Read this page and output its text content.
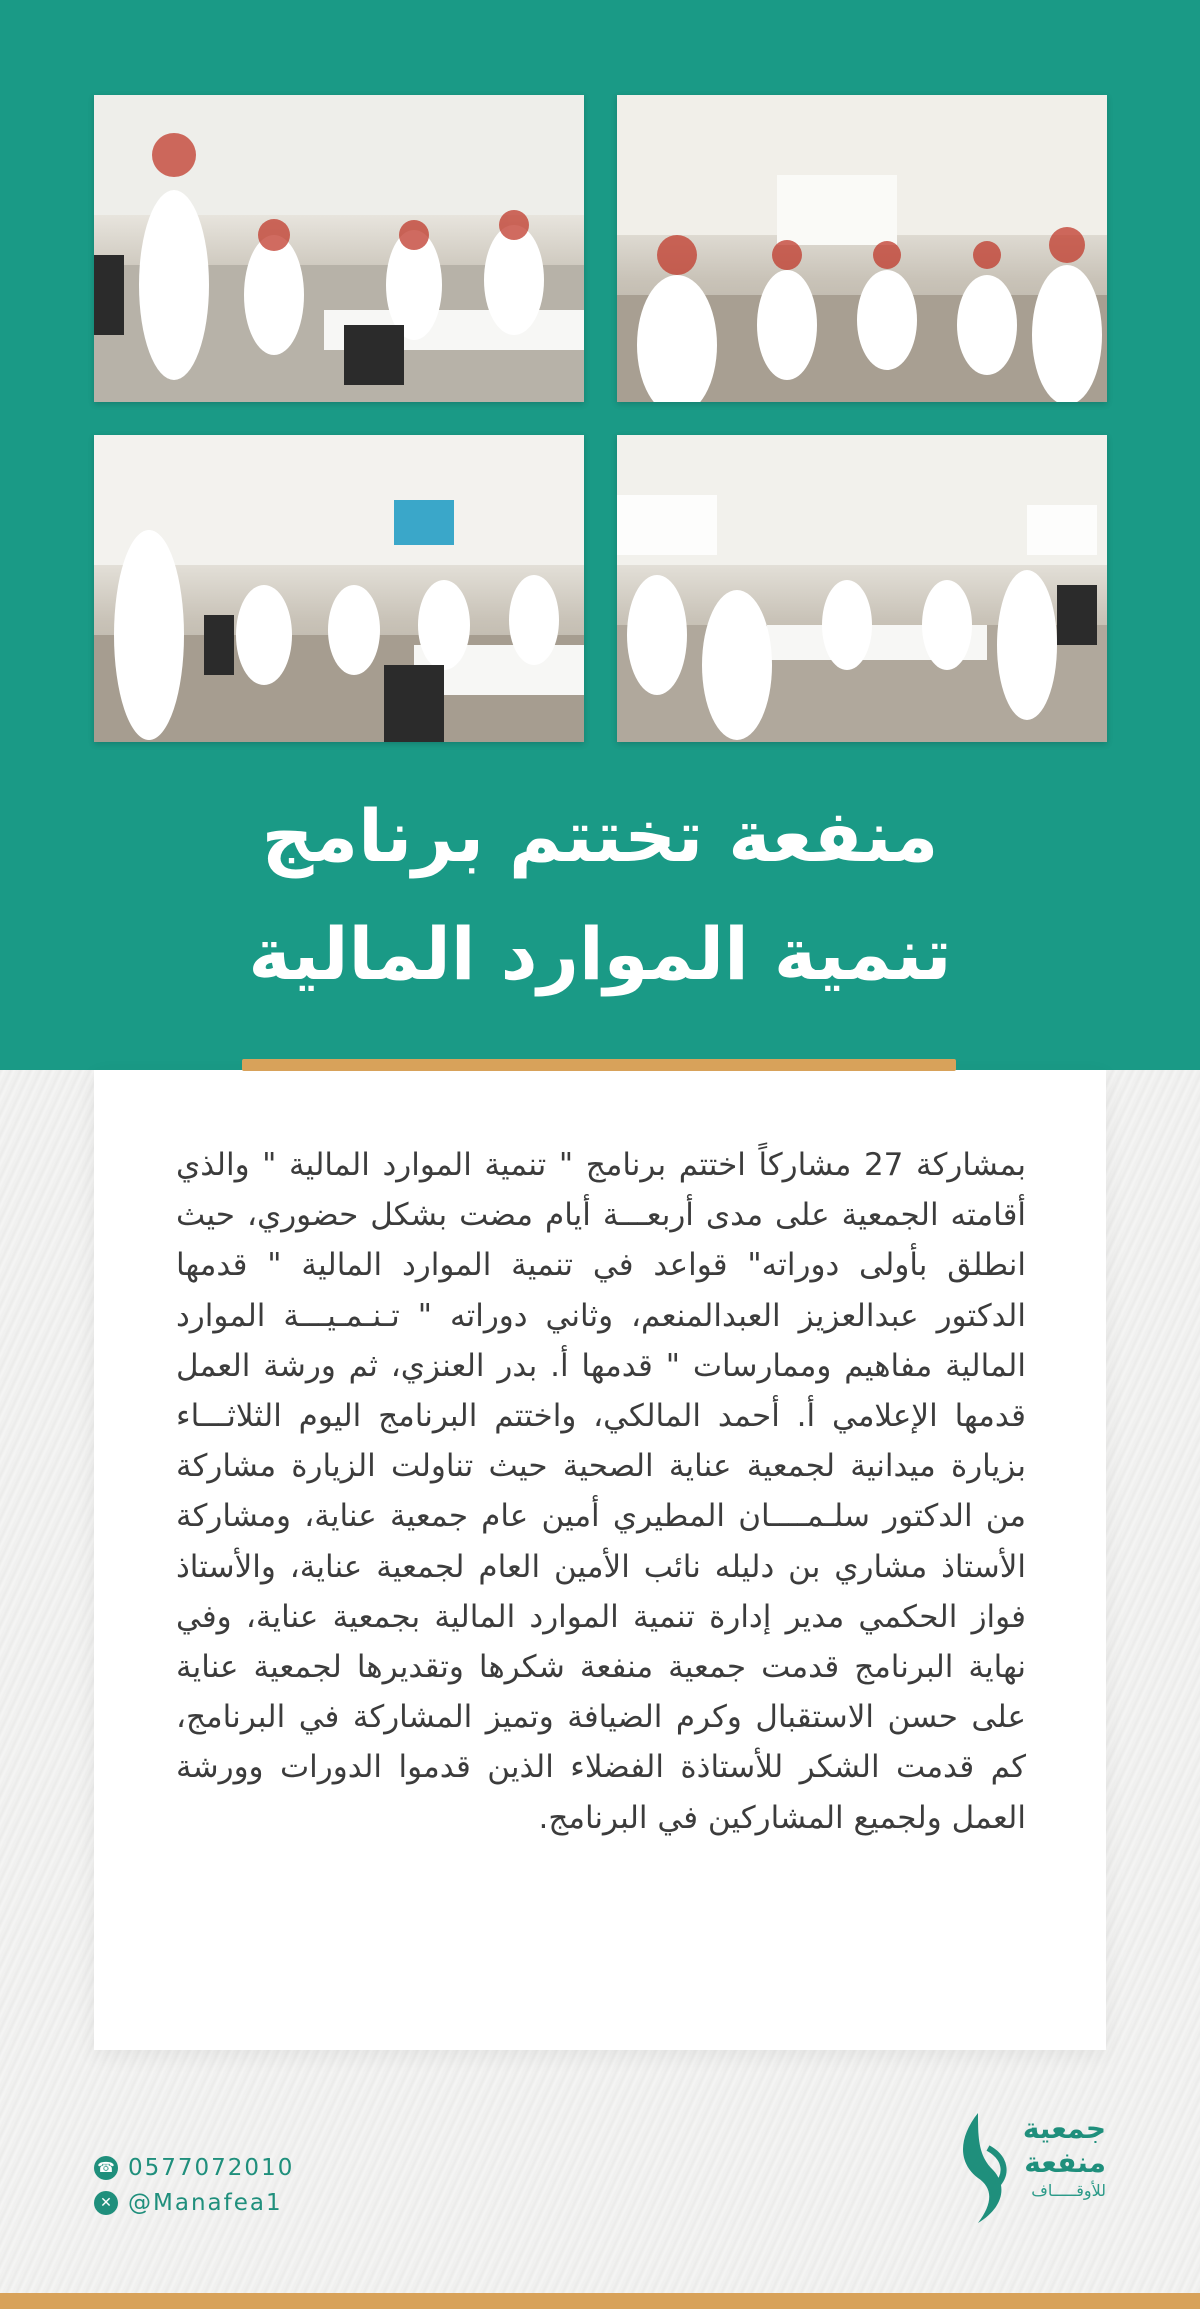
منفعة تختتم برنامج
تنمية الموارد المالية
بمشاركة 27 مشاركاً اختتم برنامج " تنمية الموارد المالية " والذي أقامته الجمعية على مدى أربعـــة أيام مضت بشكل حضوري، حيث انطلق بأولى دوراته" قواعد في تنمية الموارد المالية " قدمها الدكتور عبدالعزيز العبدالمنعم، وثاني دوراته " تـنـمـيـــة الموارد المالية مفاهيم وممارسات " قدمها أ. بدر العنزي، ثم ورشة العمل قدمها الإعلامي أ. أحمد المالكي، واختتم البرنامج اليوم الثلاثـــاء بزيارة ميدانية لجمعية عناية الصحية حيث تناولت الزيارة مشاركة من الدكتور سلـمــــان المطيري أمين عام جمعية عناية، ومشاركة الأستاذ مشاري بن دليله نائب الأمين العام لجمعية عناية، والأستاذ فواز الحكمي مدير إدارة تنمية الموارد المالية بجمعية عناية، وفي نهاية البرنامج قدمت جمعية منفعة شكرها وتقديرها لجمعية عناية على حسن الاستقبال وكرم الضيافة وتميز المشاركة في البرنامج، كم قدمت الشكر للأستاذة الفضلاء الذين قدموا الدورات وورشة العمل ولجميع المشاركين في البرنامج.
☎ 0577072010
✕ @Manafea1
جمعية
منفعة
للأوقـــــاف
